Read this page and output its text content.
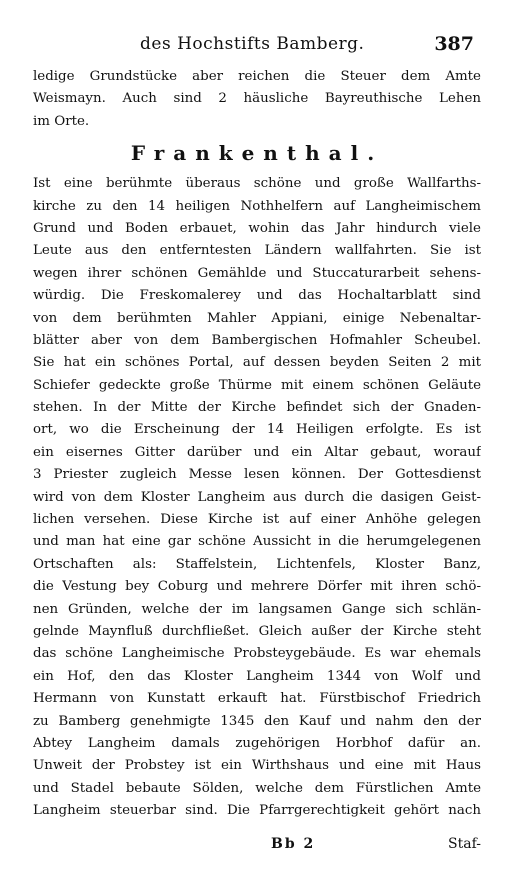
des Hochstifts Bamberg.	387
ledige Grundstücke aber reichen die Steuer dem Amte
Weismayn. Auch sind 2 häusliche Bayreuthische Lehen
im Orte.
Frankenthal.
Ist eine berühmte überaus schöne und große Wallfarths-
kirche zu den 14 heiligen Nothhelfern auf Langheimischem
Grund und Boden erbauet, wohin das Jahr hindurch viele
Leute aus den entferntesten Ländern wallfahrten. Sie ist
wegen ihrer schönen Gemählde und Stuccaturarbeit sehens-
würdig. Die Freskomalerey und das Hochaltarblatt sind
von dem berühmten Mahler Appiani, einige Nebenaltar-
blätter aber von dem Bambergischen Hofmahler Scheubel.
Sie hat ein schönes Portal, auf dessen beyden Seiten 2 mit
Schiefer gedeckte große Thürme mit einem schönen Geläute
stehen. In der Mitte der Kirche befindet sich der Gnaden-
ort, wo die Erscheinung der 14 Heiligen erfolgte. Es ist
ein eisernes Gitter darüber und ein Altar gebaut, worauf
3 Priester zugleich Messe lesen können. Der Gottesdienst
wird von dem Kloster Langheim aus durch die dasigen Geist-
lichen versehen. Diese Kirche ist auf einer Anhöhe gelegen
und man hat eine gar schöne Aussicht in die herumgelegenen
Ortschaften als: Staffelstein, Lichtenfels, Kloster Banz,
die Vestung bey Coburg und mehrere Dörfer mit ihren schö-
nen Gründen, welche der im langsamen Gange sich schlän-
gelnde Maynfluß durchfließet. Gleich außer der Kirche steht
das schöne Langheimische Probsteygebäude. Es war ehemals
ein Hof, den das Kloster Langheim 1344 von Wolf und
Hermann von Kunstatt erkauft hat. Fürstbischof Friedrich
zu Bamberg genehmigte 1345 den Kauf und nahm den der
Abtey Langheim damals zugehörigen Horbhof dafür an.
Unweit der Probstey ist ein Wirthshaus und eine mit Haus
und Stadel bebaute Sölden, welche dem Fürstlichen Amte
Langheim steuerbar sind. Die Pfarrgerechtigkeit gehört nach
Bb 2	Staf-
